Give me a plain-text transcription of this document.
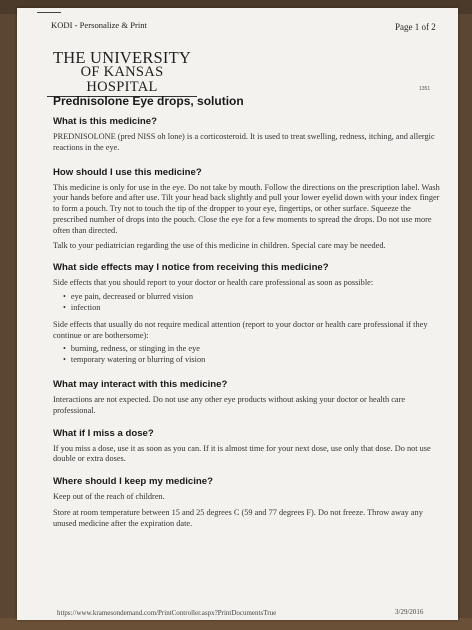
KODI - Personalize & Print	Page 1 of 2
THE UNIVERSITY
OF KANSAS HOSPITAL	1351
Prednisolone Eye drops, solution
What is this medicine?

PREDNISOLONE (pred NISS oh lone) is a corticosteroid. It is used to treat swelling, redness, itching, and allergic reactions in the eye.

How should I use this medicine?

This medicine is only for use in the eye. Do not take by mouth. Follow the directions on the prescription label. Wash your hands before and after use. Tilt your head back slightly and pull your lower eyelid down with your index finger to form a pouch. Try not to touch the tip of the dropper to your eye, fingertips, or other surface. Squeeze the prescribed number of drops into the pouch. Close the eye for a few moments to spread the drops. Do not use more often than directed.

Talk to your pediatrician regarding the use of this medicine in children. Special care may be needed.

What side effects may I notice from receiving this medicine?

Side effects that you should report to your doctor or health care professional as soon as possible:

• eye pain, decreased or blurred vision
• infection

Side effects that usually do not require medical attention (report to your doctor or health care professional if they continue or are bothersome):

• burning, redness, or stinging in the eye
• temporary watering or blurring of vision
What may interact with this medicine?

Interactions are not expected. Do not use any other eye products without asking your doctor or health care professional.

What if I miss a dose?

If you miss a dose, use it as soon as you can. If it is almost time for your next dose, use only that dose. Do not use double or extra doses.

Where should I keep my medicine?

Keep out of the reach of children.

Store at room temperature between 15 and 25 degrees C (59 and 77 degrees F). Do not freeze. Throw away any unused medicine after the expiration date.

https://www.kramesondemand.com/PrintController.aspx?PrintDocumentsTrue	3/29/2016
